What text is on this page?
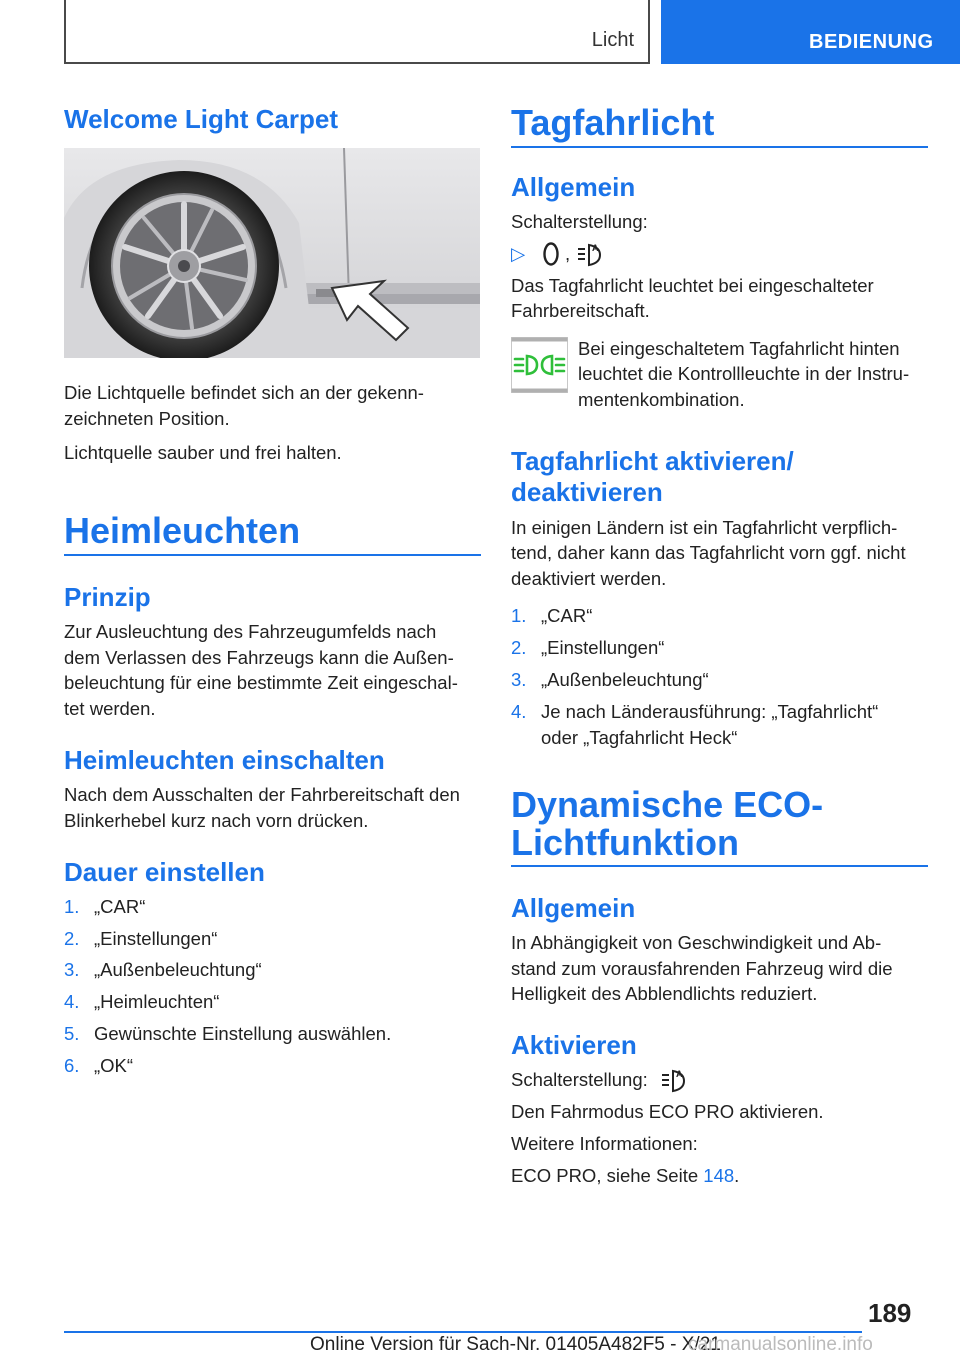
Licht	BEDIENUNG
Welcome Light Carpet
Die Lichtquelle befindet sich an der gekenn-
zeichneten Position.
Lichtquelle sauber und frei halten.
Heimleuchten
Prinzip
Zur Ausleuchtung des Fahrzeugumfelds nach
dem Verlassen des Fahrzeugs kann die Außen-
beleuchtung für eine bestimmte Zeit eingeschal-
tet werden.
Heimleuchten einschalten
Nach dem Ausschalten der Fahrbereitschaft den
Blinkerhebel kurz nach vorn drücken.
Dauer einstellen
1. „CAR“
2. „Einstellungen“
3. „Außenbeleuchtung“
4. „Heimleuchten“
5. Gewünschte Einstellung auswählen.
6. „OK“
Tagfahrlicht
Allgemein
Schalterstellung:
▷ , A
Das Tagfahrlicht leuchtet bei eingeschalteter
Fahrbereitschaft.
Bei eingeschaltetem Tagfahrlicht hinten
leuchtet die Kontrollleuchte in der Instru-
mentenkombination.
Tagfahrlicht aktivieren/
deaktivieren
In einigen Ländern ist ein Tagfahrlicht verpflich-
tend, daher kann das Tagfahrlicht vorn ggf. nicht
deaktiviert werden.
1. „CAR“
2. „Einstellungen“
3. „Außenbeleuchtung“
4. Je nach Länderausführung: „Tagfahrlicht“
oder „Tagfahrlicht Heck“
Dynamische ECO-
Lichtfunktion
Allgemein
In Abhängigkeit von Geschwindigkeit und Ab-
stand zum vorausfahrenden Fahrzeug wird die
Helligkeit des Abblendlichts reduziert.
Aktivieren
Schalterstellung:	A
Den Fahrmodus ECO PRO aktivieren.
Weitere Informationen:
ECO PRO, siehe Seite 148.
189
Online Version für Sach-Nr. 01405A482F5 - X/21
carmanualsonline.info
